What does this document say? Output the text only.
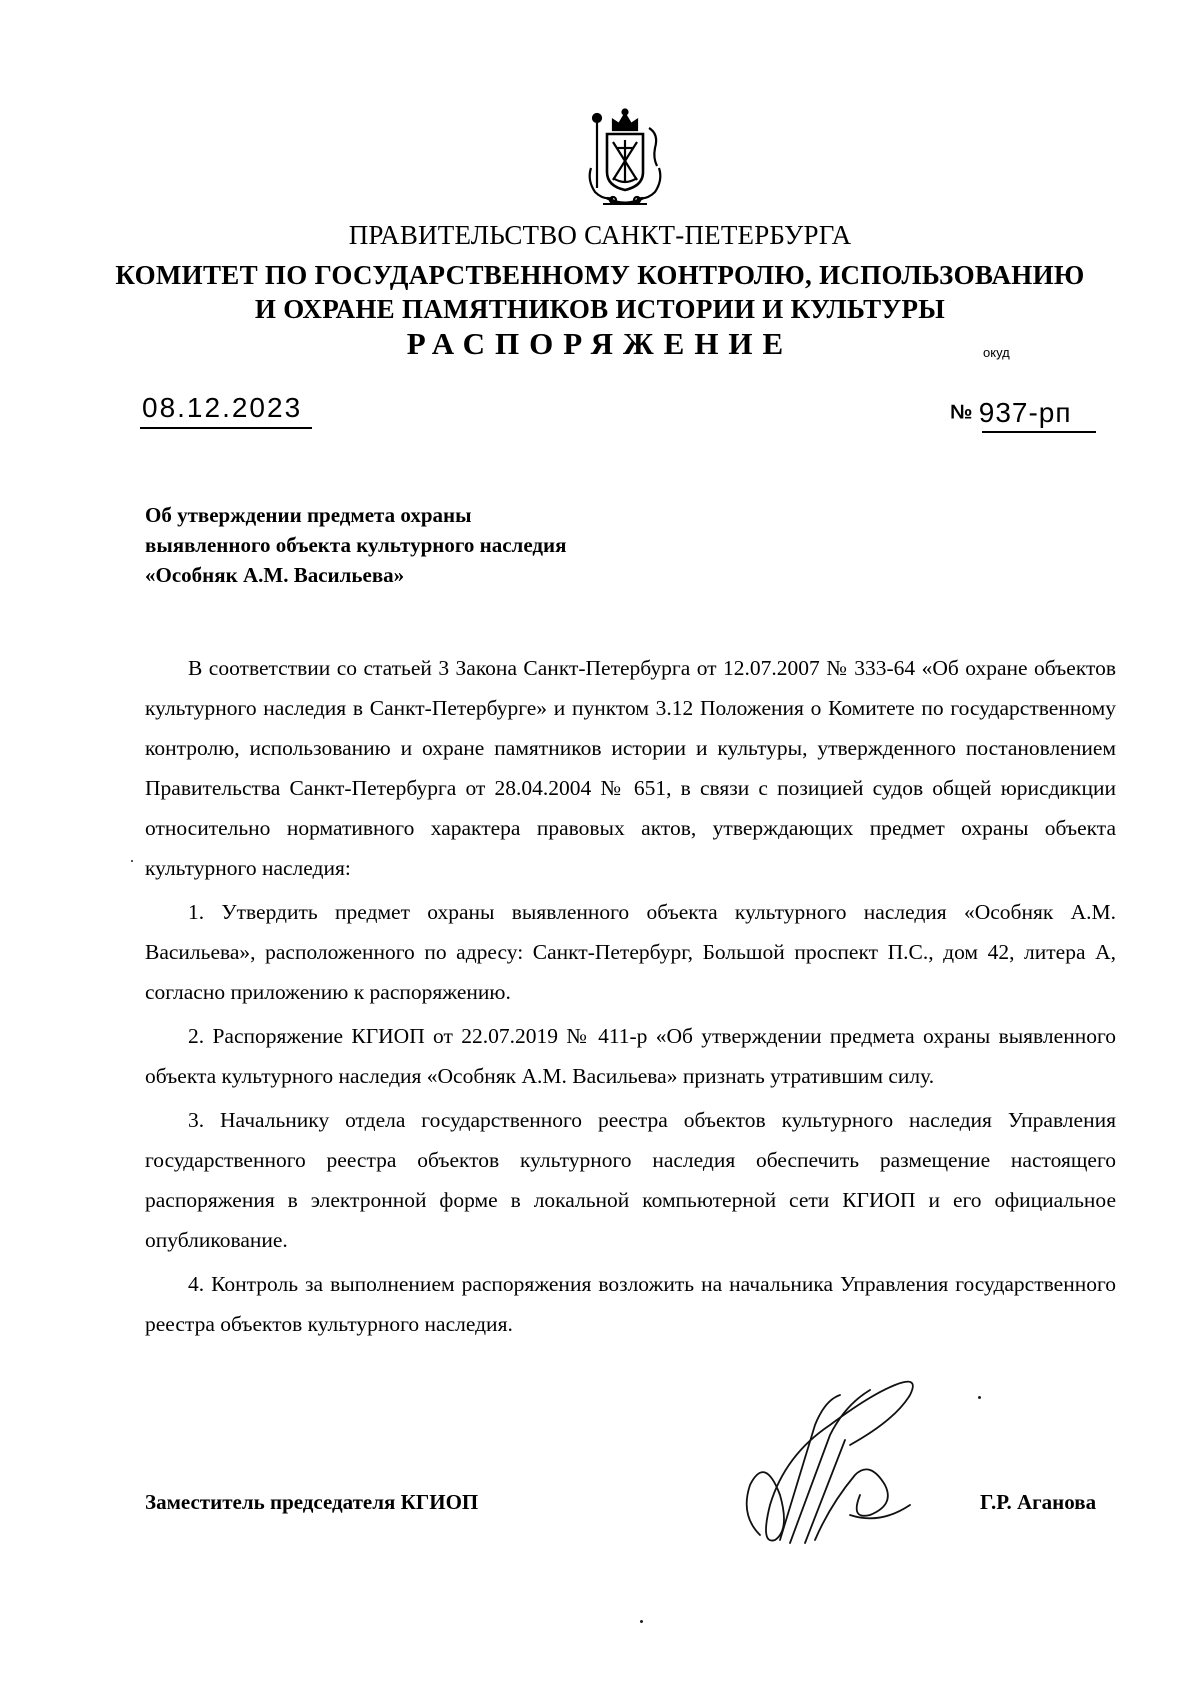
ПРАВИТЕЛЬСТВО САНКТ-ПЕТЕРБУРГА
КОМИТЕТ ПО ГОСУДАРСТВЕННОМУ КОНТРОЛЮ, ИСПОЛЬЗОВАНИЮ
И ОХРАНЕ ПАМЯТНИКОВ ИСТОРИИ И КУЛЬТУРЫ
РАСПОРЯЖЕНИЕ	окуд
08.12.2023	№ 937-рп
Об утверждении предмета охраны
выявленного объекта культурного наследия
«Особняк А.М. Васильева»

В соответствии со статьей 3 Закона Санкт-Петербурга от 12.07.2007 № 333-64 «Об охране объектов культурного наследия в Санкт-Петербурге» и пунктом 3.12 Положения о Комитете по государственному контролю, использованию и охране памятников истории и культуры, утвержденного постановлением Правительства Санкт-Петербурга от 28.04.2004 № 651, в связи с позицией судов общей юрисдикции относительно нормативного характера правовых актов, утверждающих предмет охраны объекта культурного наследия:

1. Утвердить предмет охраны выявленного объекта культурного наследия «Особняк А.М. Васильева», расположенного по адресу: Санкт-Петербург, Большой проспект П.С., дом 42, литера А, согласно приложению к распоряжению.

2. Распоряжение КГИОП от 22.07.2019 № 411-р «Об утверждении предмета охраны выявленного объекта культурного наследия «Особняк А.М. Васильева» признать утратившим силу.

3. Начальнику отдела государственного реестра объектов культурного наследия Управления государственного реестра объектов культурного наследия обеспечить размещение настоящего распоряжения в электронной форме в локальной компьютерной сети КГИОП и его официальное опубликование.

4. Контроль за выполнением распоряжения возложить на начальника Управления государственного реестра объектов культурного наследия.

Заместитель председателя КГИОП	Г.Р. Аганова
